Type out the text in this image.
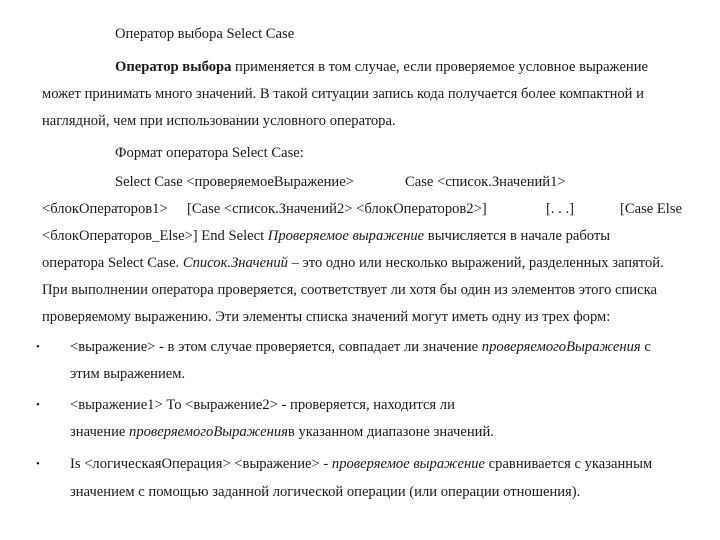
Оператор выбора Select Case
Оператор выбора применяется в том случае, если проверяемое условное выражение
может принимать много значений. В такой ситуации запись кода получается более компактной и
наглядной, чем при использовании условного оператора.
Формат оператора Select Case:
Select Case <проверяемоеВыражение>	Case <список.Значений1>
<блокОператоров1> [Case <список.Значений2> <блокОператоров2>]	[. . .]	[Case Else
<блокОператоров_Else>] End Select Проверяемое выражение вычисляется в начале работы
оператора Select Case. Список.Значений – это одно или несколько выражений, разделенных запятой.
При выполнении оператора проверяется, соответствует ли хотя бы один из элементов этого списка
проверяемому выражению. Эти элементы списка значений могут иметь одну из трех форм:
• <выражение> - в этом случае проверяется, совпадает ли значение проверяемогоВыражения с
этим выражением.
• <выражение1> To <выражение2> - проверяется, находится ли
значение проверяемогоВыраженияв указанном диапазоне значений.
• Is <логическаяОперация> <выражение> - проверяемое выражение сравнивается с указанным
значением с помощью заданной логической операции (или операции отношения).
